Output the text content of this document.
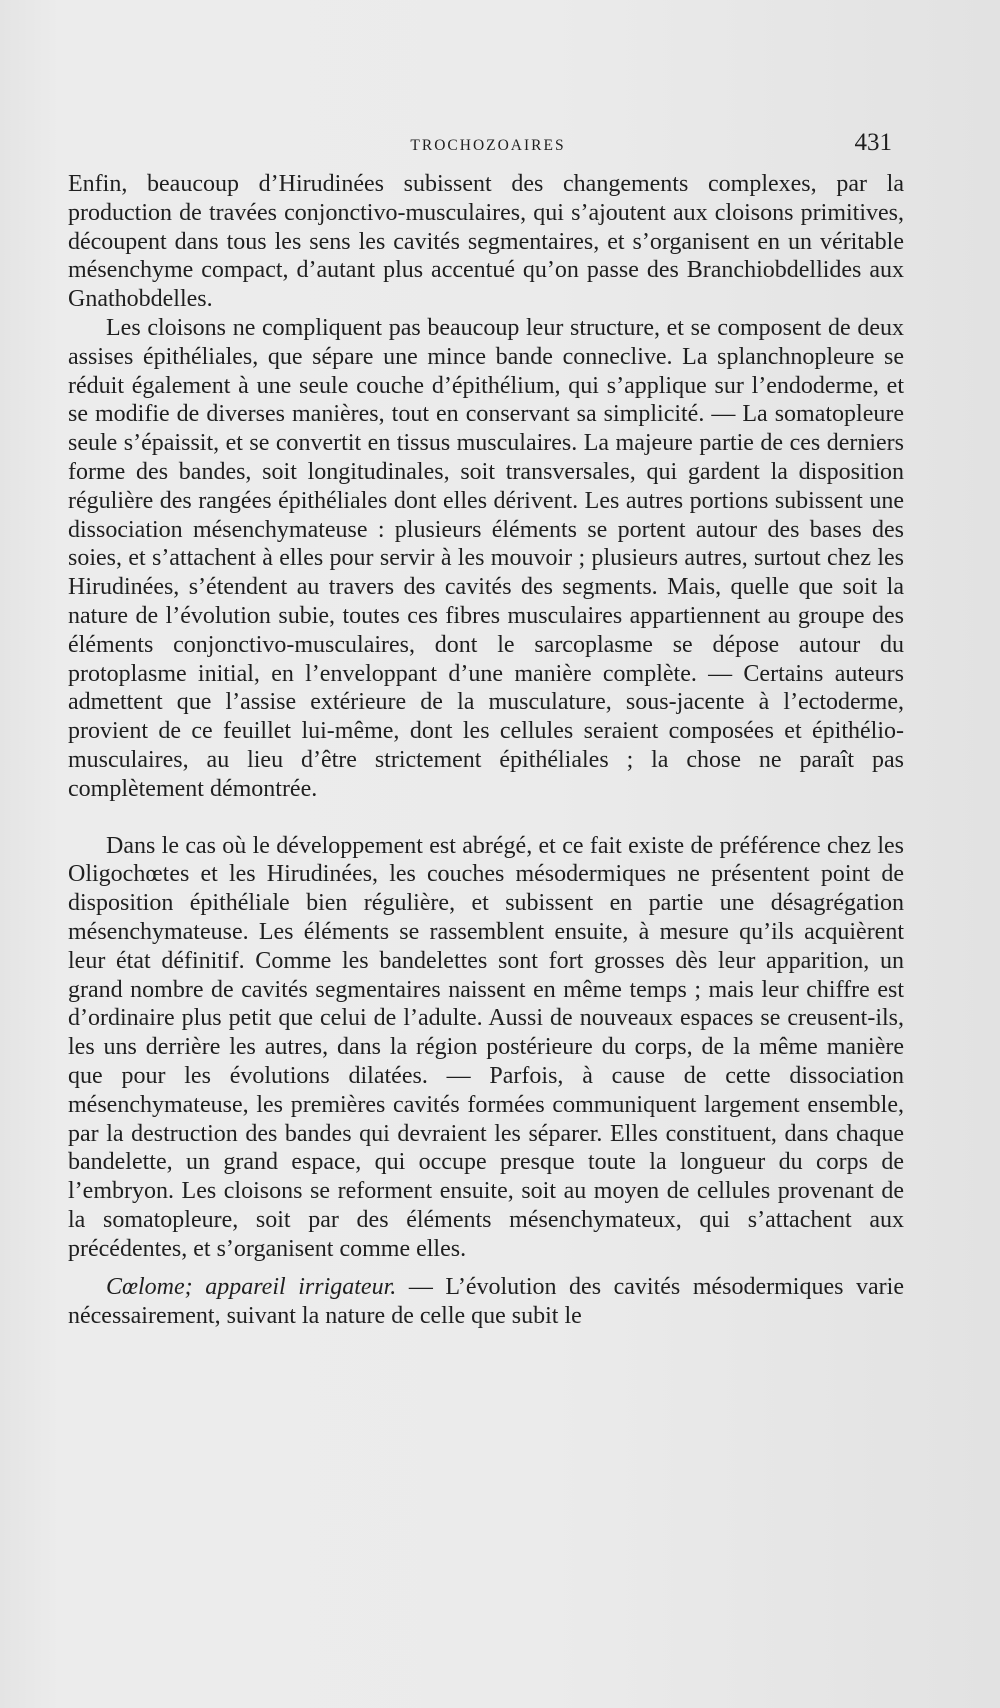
TROCHOZOAIRES	431

Enfin, beaucoup d’Hirudinées subissent des changements complexes, par la production de travées conjonctivo-musculaires, qui s’ajoutent aux cloisons primitives, découpent dans tous les sens les cavités segmentaires, et s’organisent en un véritable mésenchyme compact, d’autant plus accentué qu’on passe des Branchiobdellides aux Gnathobdelles.

Les cloisons ne compliquent pas beaucoup leur structure, et se composent de deux assises épithéliales, que sépare une mince bande conneclive. La splanchnopleure se réduit également à une seule couche d’épithélium, qui s’applique sur l’endoderme, et se modifie de diverses manières, tout en conservant sa simplicité. — La somatopleure seule s’épaissit, et se convertit en tissus musculaires. La majeure partie de ces derniers forme des bandes, soit longitudinales, soit transversales, qui gardent la disposition régulière des rangées épithéliales dont elles dérivent. Les autres portions subissent une dissociation mésenchymateuse : plusieurs éléments se portent autour des bases des soies, et s’attachent à elles pour servir à les mouvoir ; plusieurs autres, surtout chez les Hirudinées, s’étendent au travers des cavités des segments. Mais, quelle que soit la nature de l’évolution subie, toutes ces fibres musculaires appartiennent au groupe des éléments conjonctivo-musculaires, dont le sarcoplasme se dépose autour du protoplasme initial, en l’enveloppant d’une manière complète. — Certains auteurs admettent que l’assise extérieure de la musculature, sous-jacente à l’ectoderme, provient de ce feuillet lui-même, dont les cellules seraient composées et épithélio-musculaires, au lieu d’être strictement épithéliales ; la chose ne paraît pas complètement démontrée.

Dans le cas où le développement est abrégé, et ce fait existe de préférence chez les Oligochœtes et les Hirudinées, les couches mésodermiques ne présentent point de disposition épithéliale bien régulière, et subissent en partie une désagrégation mésenchymateuse. Les éléments se rassemblent ensuite, à mesure qu’ils acquièrent leur état définitif. Comme les bandelettes sont fort grosses dès leur apparition, un grand nombre de cavités segmentaires naissent en même temps ; mais leur chiffre est d’ordinaire plus petit que celui de l’adulte. Aussi de nouveaux espaces se creusent-ils, les uns derrière les autres, dans la région postérieure du corps, de la même manière que pour les évolutions dilatées. — Parfois, à cause de cette dissociation mésenchymateuse, les premières cavités formées communiquent largement ensemble, par la destruction des bandes qui devraient les séparer. Elles constituent, dans chaque bandelette, un grand espace, qui occupe presque toute la longueur du corps de l’embryon. Les cloisons se reforment ensuite, soit au moyen de cellules provenant de la somatopleure, soit par des éléments mésenchymateux, qui s’attachent aux précédentes, et s’organisent comme elles.

Cœlome; appareil irrigateur. — L’évolution des cavités mésodermiques varie nécessairement, suivant la nature de celle que subit le
